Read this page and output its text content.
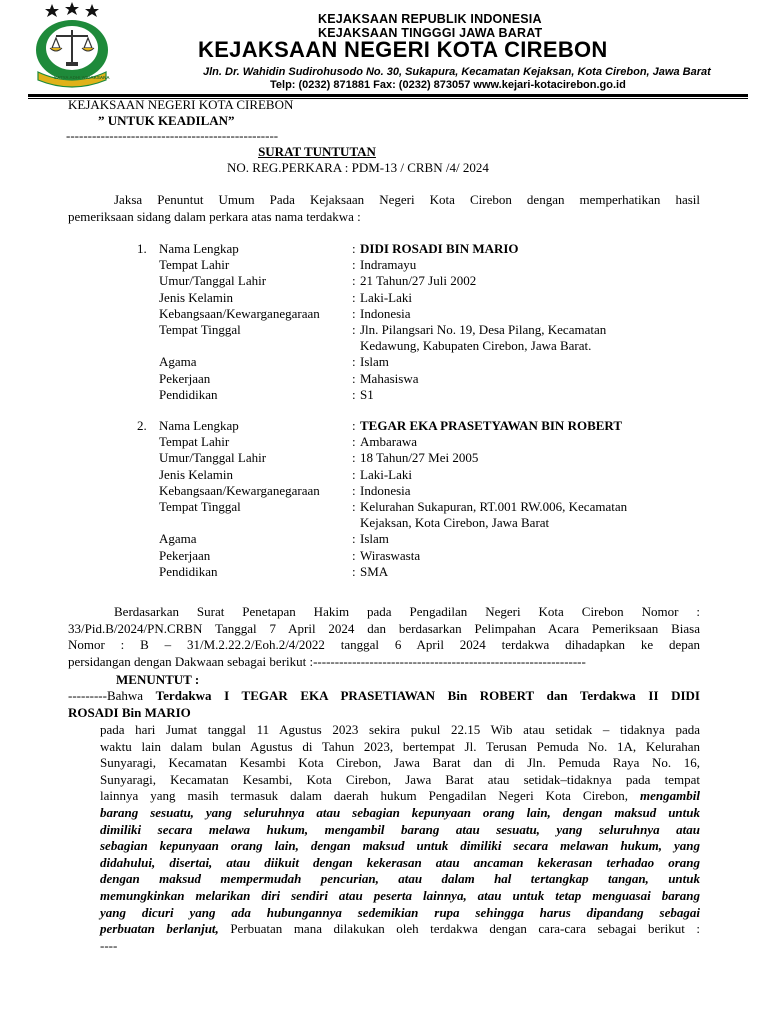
SATYA ADHI WICAKSANA
KEJAKSAAN REPUBLIK INDONESIA
KEJAKSAAN TINGGGI JAWA BARAT
KEJAKSAAN NEGERI KOTA CIREBON
Jln. Dr. Wahidin Sudirohusodo No. 30, Sukapura, Kecamatan Kejaksan, Kota Cirebon, Jawa Barat
Telp: (0232) 871881 Fax: (0232) 873057 www.kejari-kotacirebon.go.id
KEJAKSAAN NEGERI KOTA CIREBON
” UNTUK KEADILAN”
-------------------------------------------------
SURAT TUNTUTAN
NO. REG.PERKARA : PDM-13 / CRBN /4/ 2024
Jaksa Penuntut Umum Pada Kejaksaan Negeri Kota Cirebon dengan memperhatikan hasil
pemeriksaan sidang dalam perkara atas nama terdakwa :
1. Nama Lengkap	: DIDI ROSADI BIN MARIO
Tempat Lahir	: Indramayu
Umur/Tanggal Lahir	: 21 Tahun/27 Juli 2002
Jenis Kelamin	: Laki-Laki
Kebangsaan/Kewarganegaraan : Indonesia
Tempat Tinggal	: Jln. Pilangsari No. 19, Desa Pilang, Kecamatan
Kedawung, Kabupaten Cirebon, Jawa Barat.
Agama	: Islam
Pekerjaan	: Mahasiswa
Pendidikan	: S1
2. Nama Lengkap	: TEGAR EKA PRASETYAWAN BIN ROBERT
Tempat Lahir	: Ambarawa
Umur/Tanggal Lahir	: 18 Tahun/27 Mei 2005
Jenis Kelamin	: Laki-Laki
Kebangsaan/Kewarganegaraan : Indonesia
Tempat Tinggal	: Kelurahan Sukapuran, RT.001 RW.006, Kecamatan
Kejaksan, Kota Cirebon, Jawa Barat
Agama	: Islam
Pekerjaan	: Wiraswasta
Pendidikan	: SMA
Berdasarkan Surat Penetapan Hakim pada Pengadilan Negeri Kota Cirebon Nomor :
33/Pid.B/2024/PN.CRBN Tanggal 7 April 2024 dan berdasarkan Pelimpahan Acara Pemeriksaan Biasa
Nomor : B – 31/M.2.22.2/Eoh.2/4/2022 tanggal 6 April 2024 terdakwa dihadapkan ke depan
persidangan dengan Dakwaan sebagai berikut :---------------------------------------------------------------
MENUNTUT :
---------Bahwa Terdakwa I TEGAR EKA PRASETIAWAN Bin ROBERT dan Terdakwa II DIDI
ROSADI Bin MARIO
pada hari Jumat tanggal 11 Agustus 2023 sekira pukul 22.15 Wib atau setidak – tidaknya pada
waktu lain dalam bulan Agustus di Tahun 2023, bertempat Jl. Terusan Pemuda No. 1A, Kelurahan
Sunyaragi, Kecamatan Kesambi Kota Cirebon, Jawa Barat dan di Jln. Pemuda Raya No. 16,
Sunyaragi, Kecamatan Kesambi, Kota Cirebon, Jawa Barat atau setidak–tidaknya pada tempat
lainnya yang masih termasuk dalam daerah hukum Pengadilan Negeri Kota Cirebon, mengambil
barang sesuatu, yang seluruhnya atau sebagian kepunyaan orang lain, dengan maksud untuk
dimiliki secara melawa hukum, mengambil barang atau sesuatu, yang seluruhnya atau
sebagian kepunyaan orang lain, dengan maksud untuk dimiliki secara melawan hukum, yang
didahului, disertai, atau diikuit dengan kekerasan atau ancaman kekerasan terhadao orang
dengan maksud mempermudah pencurian, atau dalam hal tertangkap tangan, untuk
memungkinkan melarikan diri sendiri atau peserta lainnya, atau untuk tetap menguasai barang
yang dicuri yang ada hubungannya sedemikian rupa sehingga harus dipandang sebagai
perbuatan berlanjut, Perbuatan mana dilakukan oleh terdakwa dengan cara-cara sebagai berikut :
----
